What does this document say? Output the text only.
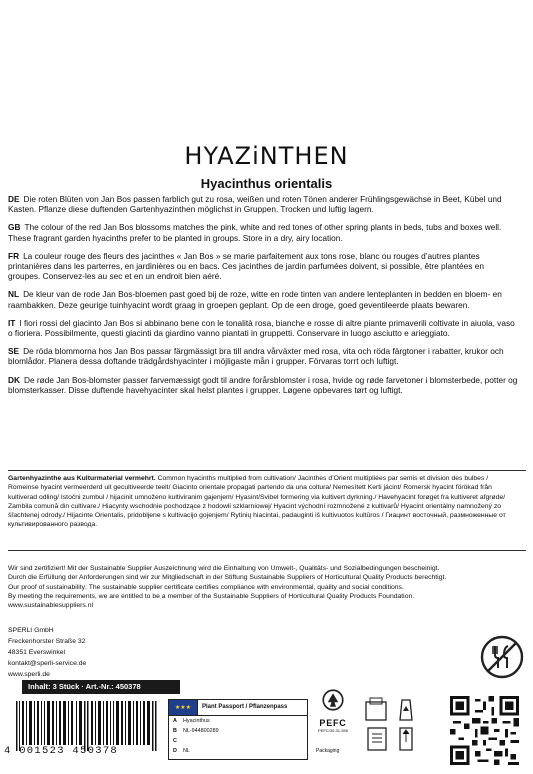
HYAZiNTHEN
Hyacinthus orientalis
DE Die roten Blüten von Jan Bos passen farblich gut zu rosa, weißen und roten Tönen anderer Frühlingsgewächse in Beet, Kübel und Kasten. Pflanze diese duftenden Gartenhyazinthen möglichst in Gruppen. Trocken und luftig lagern.
GB The colour of the red Jan Bos blossoms matches the pink, white and red tones of other spring plants in beds, tubs and boxes well. These fragrant garden hyacinths prefer to be planted in groups. Store in a dry, airy location.
FR La couleur rouge des fleurs des jacinthes « Jan Bos » se marie parfaitement aux tons rose, blanc ou rouges d’autres plantes printanières dans les parterres, en jardinières ou en bacs. Ces jacinthes de jardin parfumées doivent, si possible, être plantées en groupes. Conservez-les au sec et en un endroit bien aéré.
NL De kleur van de rode Jan Bos-bloemen past goed bij de roze, witte en rode tinten van andere lenteplanten in bedden en bloem- en raambakken. Deze geurige tuinhyacint wordt graag in groepen geplant. Op de een droge, goed geventileerde plaats bewaren.
IT I fiori rossi del giacinto Jan Bos si abbinano bene con le tonalità rosa, bianche e rosse di altre piante primaverili coltivate in aiuola, vaso o fioriera. Possibilmente, questi giacinti da giardino vanno piantati in gruppetti. Conservare in luogo asciutto e arieggiato.
SE De röda blommorna hos Jan Bos passar färgmässigt bra till andra vårväxter med rosa, vita och röda färgtoner i rabatter, krukor och blomlådor. Planera dessa doftande trädgårdshyacinter i möjligaste mån i grupper. Förvaras torrt och luftigt.
DK De røde Jan Bos-blomster passer farvemæssigt godt til andre forårsblomster i rosa, hvide og røde farvetoner i blomsterbede, potter og blomsterkasser. Disse duftende havehyacinter skal helst plantes i grupper. Løgene opbevares tørt og luftigt.
Gartenhyazinthe aus Kulturmaterial vermehrt. Common hyacinths multiplied from cultivation/ Jacinthes d’Orient multipliées par semis et division des bulbes / Romeinse hyacint vermeerderd uit gecultiveerde teelt/ Giacinto orientale propagati partendo da una coltura/ Nemesített Kerti jácint/ Romersk hyacint förökad från kultiverad odling/ Istočni zumbul / hijacinit umnoženo kultiviranim gajenjem/ Hyasint/Svibel formering via kultivert dyrkning./ Havehyacint forøget fra kultiveret afgrøde/ Zambila comună din cultivare./ Hiacynty wschodnie pochodzące z hodowli szklarniowej/ Hyacint východní rozmnožené z kultivarů/ Hyacint orientálny namnožený zo šľachtenej odrody./ Hijacinte Orientalis, pridobljene s kultivacijo gojenjem/ Rytinių hiacintai, padauginti iš kultivuotos kultūros / Гиацинт восточный, размноженные от культивированного развода.
Wir sind zertifiziert! Mit der Sustainable Supplier Auszeichnung wird die Einhaltung von Umwelt-, Qualitäts- und Sozialbedingungen bescheinigt.
Durch die Erfüllung der Anforderungen sind wir zur Mitgliedschaft in der Stiftung Sustainable Suppliers of Horticultural Quality Products berechtigt.
Our proof of sustainability: The sustainable supplier certificate certifies compliance with environmental, quality and social conditions.
By meeting the requirements, we are entitled to be a member of the Sustainable Suppliers of Horticultural Quality Products Foundation.
www.sustainablesuppliers.nl
SPERLI GmbH
Freckenhorster Straße 32
48351 Everswinkel
kontakt@sperli-service.de
www.sperli.de
Inhalt: 3 Stück · Art.-Nr.: 450378
4 001523 450378
★★★	Plant Passport / Pflanzenpass
A Hyacinthus
B NL-944800289
C
D NL
PEFC
PEFC/30-31-596
Packaging
